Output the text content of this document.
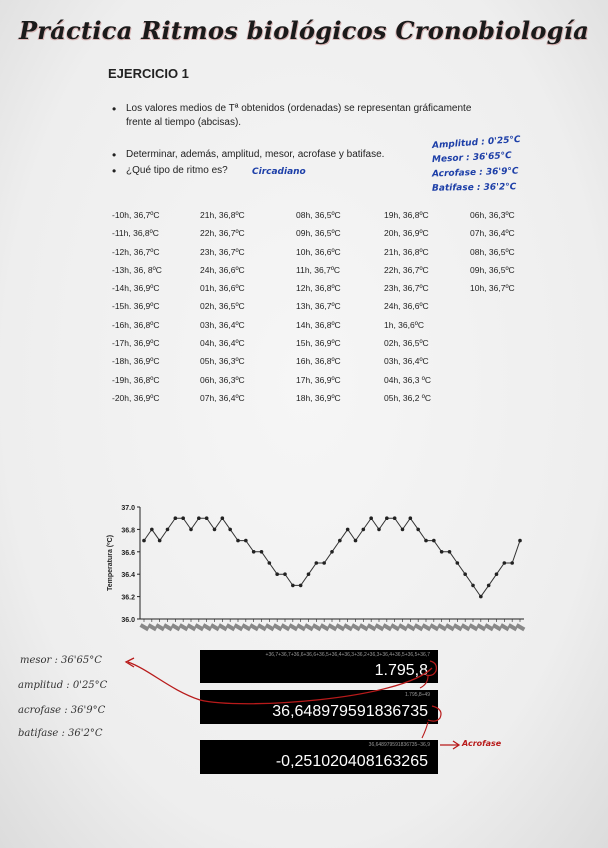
Práctica Ritmos biológicos Cronobiología
EJERCICIO 1
• Los valores medios de Tª obtenidos (ordenadas) se representan gráficamente
frente al tiempo (abcisas).
• Determinar, además, amplitud, mesor, acrofase y batifase.
• ¿Qué tipo de ritmo es?	Circadiano
Amplitud : 0'25°C
Mesor : 36'65°C
Acrofase : 36'9°C
Batifase : 36'2°C
-10h, 36,7ºC
-11h, 36,8ºC
-12h, 36,7ºC
-13h, 36, 8ºC
-14h, 36,9ºC
-15h. 36,9ºC
-16h, 36,8ºC
-17h, 36,9ºC
-18h, 36,9ºC
-19h, 36,8ºC
-20h, 36,9ºC
21h, 36,8ºC
22h, 36,7ºC
23h, 36,7ºC
24h, 36,6ºC
01h, 36,6ºC
02h, 36,5ºC
03h, 36,4ºC
04h, 36,4ºC
05h, 36,3ºC
06h, 36,3ºC
07h, 36,4ºC
08h, 36,5ºC
09h, 36,5ºC
10h, 36,6ºC
11h, 36,7ºC
12h, 36,8ºC
13h, 36,7ºC
14h, 36,8ºC
15h, 36,9ºC
16h, 36,8ºC
17h, 36,9ºC
18h, 36,9ºC
19h, 36,8ºC
20h, 36,9ºC
21h, 36,8ºC
22h, 36,7ºC
23h, 36,7ºC
24h, 36,6ºC
1h, 36,6ºC
02h, 36,5ºC
03h, 36,4ºC
04h, 36,3 ºC
05h, 36,2 ºC
06h, 36,3ºC
07h, 36,4ºC
08h, 36,5ºC
09h, 36,5ºC
10h, 36,7ºC
37.0
36.8
36.6
36.4
36.2
36.0
Temperatura (ºC)
+36,7+36,7+36,6+36,6+36,5+36,4+36,3+36,2+36,3+36,4+36,5+36,5+36,7
1.795,8
1.795,8÷49
36,648979591836735
36,648979591836735−36,9
-0,251020408163265
Acrofase
mesor : 36'65°C
amplitud : 0'25°C
acrofase : 36'9°C
batifase : 36'2°C
